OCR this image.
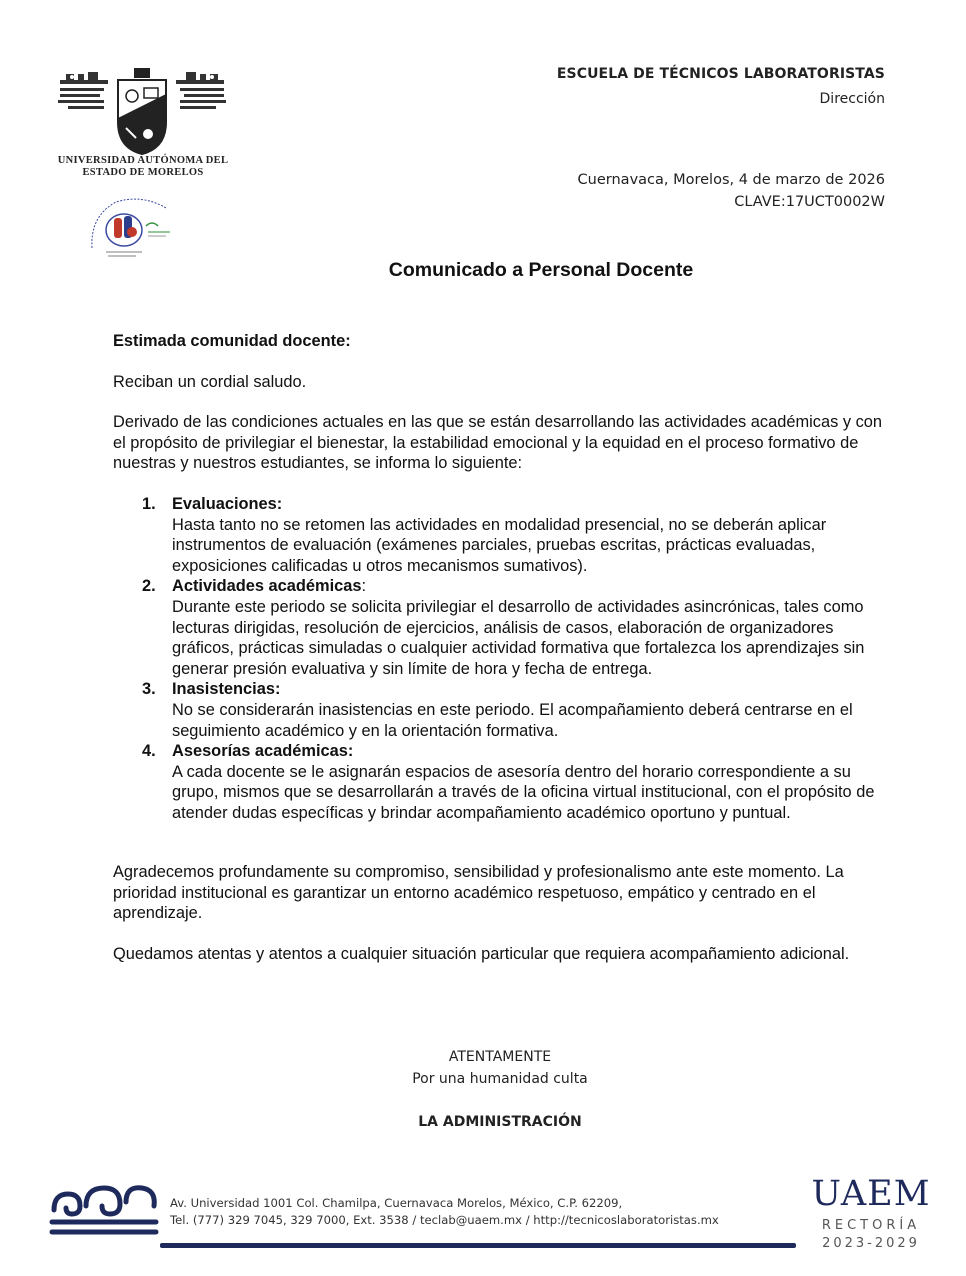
UNIVERSIDAD AUTÓNOMA DEL ESTADO DE MORELOS
ESCUELA DE TÉCNICOS LABORATORISTAS
Dirección
Cuernavaca, Morelos, 4 de marzo de 2026
CLAVE:17UCT0002W
Comunicado a Personal Docente
Estimada comunidad docente:
Reciban un cordial saludo.
Derivado de las condiciones actuales en las que se están desarrollando las actividades académicas y con el propósito de privilegiar el bienestar, la estabilidad emocional y la equidad en el proceso formativo de nuestras y nuestros estudiantes, se informa lo siguiente:
1. Evaluaciones:
Hasta tanto no se retomen las actividades en modalidad presencial, no se deberán aplicar instrumentos de evaluación (exámenes parciales, pruebas escritas, prácticas evaluadas, exposiciones calificadas u otros mecanismos sumativos).
2. Actividades académicas:
Durante este periodo se solicita privilegiar el desarrollo de actividades asincrónicas, tales como lecturas dirigidas, resolución de ejercicios, análisis de casos, elaboración de organizadores gráficos, prácticas simuladas o cualquier actividad formativa que fortalezca los aprendizajes sin generar presión evaluativa y sin límite de hora y fecha de entrega.
3. Inasistencias:
No se considerarán inasistencias en este periodo. El acompañamiento deberá centrarse en el seguimiento académico y en la orientación formativa.
4. Asesorías académicas:
A cada docente se le asignarán espacios de asesoría dentro del horario correspondiente a su grupo, mismos que se desarrollarán a través de la oficina virtual institucional, con el propósito de atender dudas específicas y brindar acompañamiento académico oportuno y puntual.
Agradecemos profundamente su compromiso, sensibilidad y profesionalismo ante este momento. La prioridad institucional es garantizar un entorno académico respetuoso, empático y centrado en el aprendizaje.
Quedamos atentas y atentos a cualquier situación particular que requiera acompañamiento adicional.
ATENTAMENTE
Por una humanidad culta
LA ADMINISTRACIÓN
Av. Universidad 1001 Col. Chamilpa, Cuernavaca Morelos, México, C.P. 62209,
Tel. (777) 329 7045, 329 7000, Ext. 3538 / teclab@uaem.mx / http://tecnicoslaboratoristas.mx
UAEM
RECTORÍA
2023-2029
